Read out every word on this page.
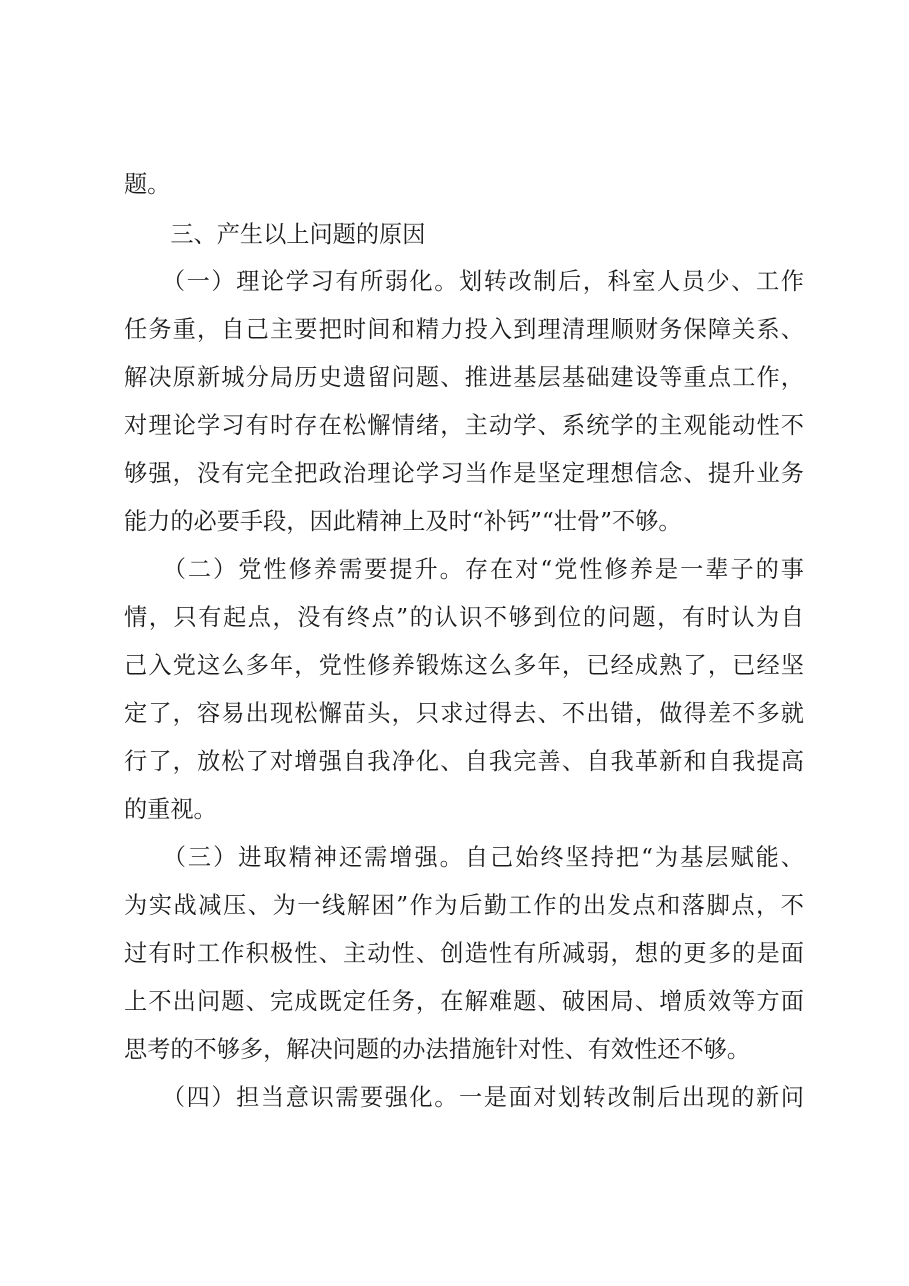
题。
　　三、产生以上问题的原因
　　（一）理论学习有所弱化。划转改制后，科室人员少、工作
任务重，自己主要把时间和精力投入到理清理顺财务保障关系、
解决原新城分局历史遗留问题、推进基层基础建设等重点工作，
对理论学习有时存在松懈情绪，主动学、系统学的主观能动性不
够强，没有完全把政治理论学习当作是坚定理想信念、提升业务
能力的必要手段，因此精神上及时“补钙”“壮骨”不够。
　　（二）党性修养需要提升。存在对“党性修养是一辈子的事
情，只有起点，没有终点”的认识不够到位的问题，有时认为自
己入党这么多年，党性修养锻炼这么多年，已经成熟了，已经坚
定了，容易出现松懈苗头，只求过得去、不出错，做得差不多就
行了，放松了对增强自我净化、自我完善、自我革新和自我提高
的重视。
　　（三）进取精神还需增强。自己始终坚持把“为基层赋能、
为实战减压、为一线解困”作为后勤工作的出发点和落脚点，不
过有时工作积极性、主动性、创造性有所减弱，想的更多的是面
上不出问题、完成既定任务，在解难题、破困局、增质效等方面
思考的不够多，解决问题的办法措施针对性、有效性还不够。
　　（四）担当意识需要强化。一是面对划转改制后出现的新问
